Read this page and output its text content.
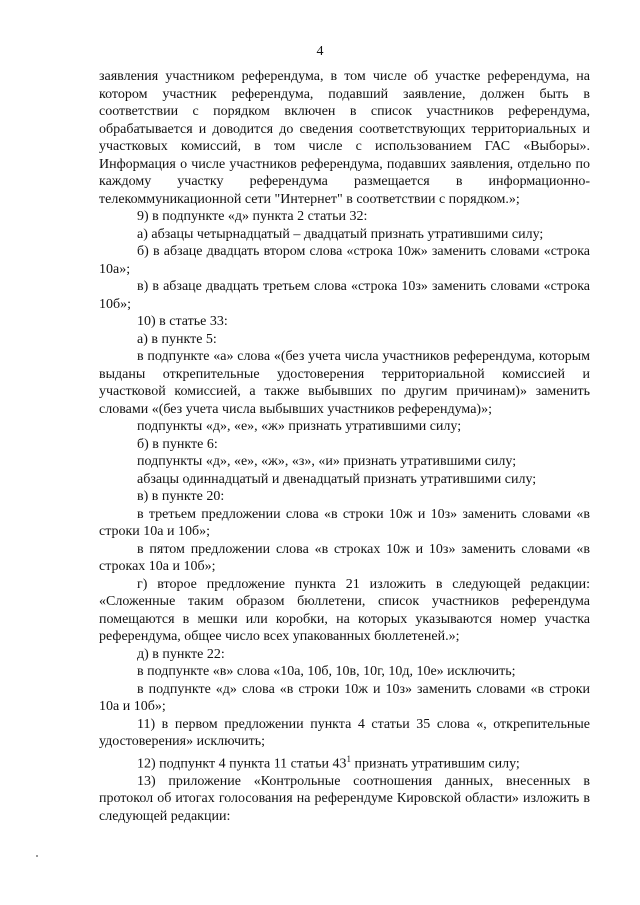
4

заявления участником референдума, в том числе об участке референдума, на котором участник референдума, подавший заявление, должен быть в соответствии с порядком включен в список участников референдума, обрабатывается и доводится до сведения соответствующих территориальных и участковых комиссий, в том числе с использованием ГАС «Выборы». Информация о числе участников референдума, подавших заявления, отдельно по каждому участку референдума размещается в информационно-телекоммуникационной сети "Интернет" в соответствии с порядком.»;

9) в подпункте «д» пункта 2 статьи 32:

а) абзацы четырнадцатый – двадцатый признать утратившими силу;

б) в абзаце двадцать втором слова «строка 10ж» заменить словами «строка 10а»;

в) в абзаце двадцать третьем слова «строка 10з» заменить словами «строка 10б»;

10) в статье 33:

а) в пункте 5:

в подпункте «а» слова «(без учета числа участников референдума, которым выданы открепительные удостоверения территориальной комиссией и участковой комиссией, а также выбывших по другим причинам)» заменить словами «(без учета числа выбывших участников референдума)»;

подпункты «д», «е», «ж» признать утратившими силу;

б) в пункте 6:

подпункты «д», «е», «ж», «з», «и» признать утратившими силу;

абзацы одиннадцатый и двенадцатый признать утратившими силу;

в) в пункте 20:

в третьем предложении слова «в строки 10ж и 10з» заменить словами «в строки 10а и 10б»;

в пятом предложении слова «в строках 10ж и 10з» заменить словами «в строках 10а и 10б»;

г) второе предложение пункта 21 изложить в следующей редакции: «Сложенные таким образом бюллетени, список участников референдума помещаются в мешки или коробки, на которых указываются номер участка референдума, общее число всех упакованных бюллетеней.»;

д) в пункте 22:

в подпункте «в» слова «10а, 10б, 10в, 10г, 10д, 10е» исключить;

в подпункте «д» слова «в строки 10ж и 10з» заменить словами «в строки 10а и 10б»;

11) в первом предложении пункта 4 статьи 35 слова «, открепительные удостоверения» исключить;

12) подпункт 4 пункта 11 статьи $43^1$ признать утратившим силу;

13) приложение «Контрольные соотношения данных, внесенных в протокол об итогах голосования на референдуме Кировской области» изложить в следующей редакции:
